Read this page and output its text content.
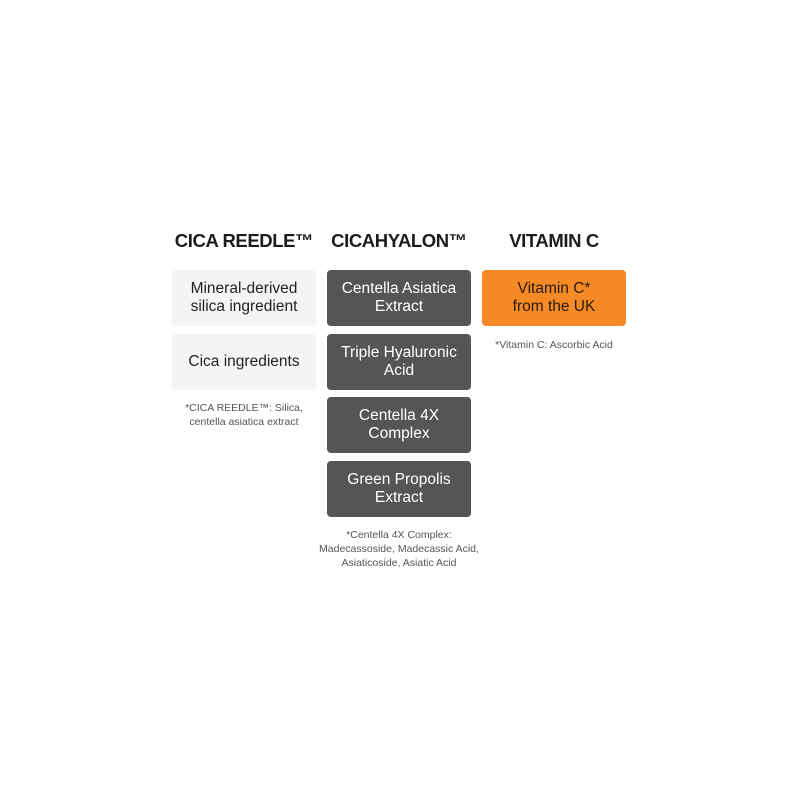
CICA REEDLE™
Mineral-derived
silica ingredient
Cica ingredients
*CICA REEDLE™: Silica,
centella asiatica extract
CICAHYALON™
Centella Asiatica
Extract
Triple Hyaluronic
Acid
Centella 4X
Complex
Green Propolis
Extract
*Centella 4X Complex:
Madecassoside, Madecassic Acid,
Asiaticoside, Asiatic Acid
VITAMIN C
Vitamin C*
from the UK
*Vitamin C: Ascorbic Acid
